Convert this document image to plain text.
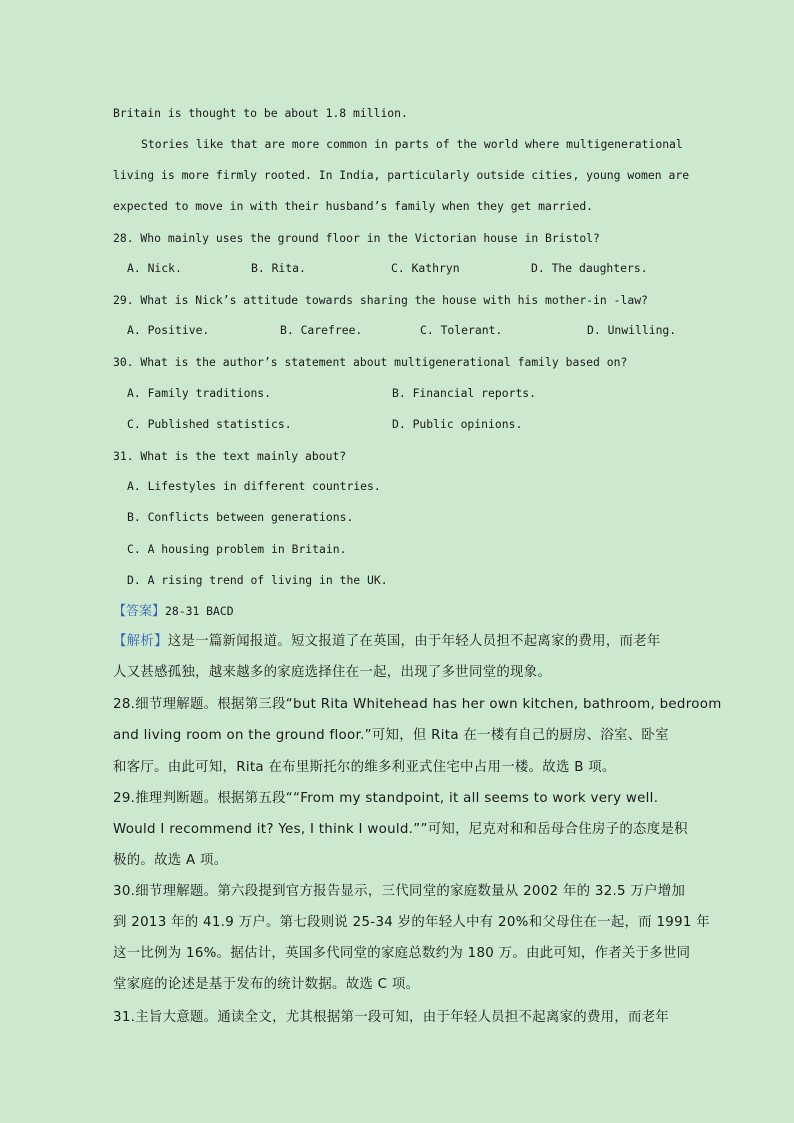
Britain is thought to be about 1.8 million.
Stories like that are more common in parts of the world where multigenerational
living is more firmly rooted. In India, particularly outside cities, young women are
expected to move in with their husband’s family when they get married.
28. Who mainly uses the ground floor in the Victorian house in Bristol?
A. Nick.	B. Rita.	C. Kathryn	D. The daughters.
29. What is Nick’s attitude towards sharing the house with his mother-in -law?
A. Positive.	B. Carefree.	C. Tolerant.	D. Unwilling.
30. What is the author’s statement about multigenerational family based on?
A. Family traditions.	B. Financial reports.
C. Published statistics.	D. Public opinions.
31. What is the text mainly about?
A. Lifestyles in different countries.
B. Conflicts between generations.
C. A housing problem in Britain.
D. A rising trend of living in the UK.
【答案】28-31 BACD
【解析】这是一篇新闻报道。短文报道了在英国，由于年轻人员担不起离家的费用，而老年
人又甚感孤独，越来越多的家庭选择住在一起，出现了多世同堂的现象。
28.细节理解题。根据第三段“but Rita Whitehead has her own kitchen, bathroom, bedroom
and living room on the ground floor.”可知，但 Rita 在一楼有自己的厨房、浴室、卧室
和客厅。由此可知，Rita 在布里斯托尔的维多利亚式住宅中占用一楼。故选 B 项。
29.推理判断题。根据第五段““From my standpoint, it all seems to work very well.
Would I recommend it? Yes, I think I would.””可知，尼克对和和岳母合住房子的态度是积
极的。故选 A 项。
30.细节理解题。第六段提到官方报告显示，三代同堂的家庭数量从 2002 年的 32.5 万户增加
到 2013 年的 41.9 万户。第七段则说 25-34 岁的年轻人中有 20%和父母住在一起，而 1991 年
这一比例为 16%。据估计，英国多代同堂的家庭总数约为 180 万。由此可知，作者关于多世同
堂家庭的论述是基于发布的统计数据。故选 C 项。
31.主旨大意题。通读全文，尤其根据第一段可知，由于年轻人员担不起离家的费用，而老年
